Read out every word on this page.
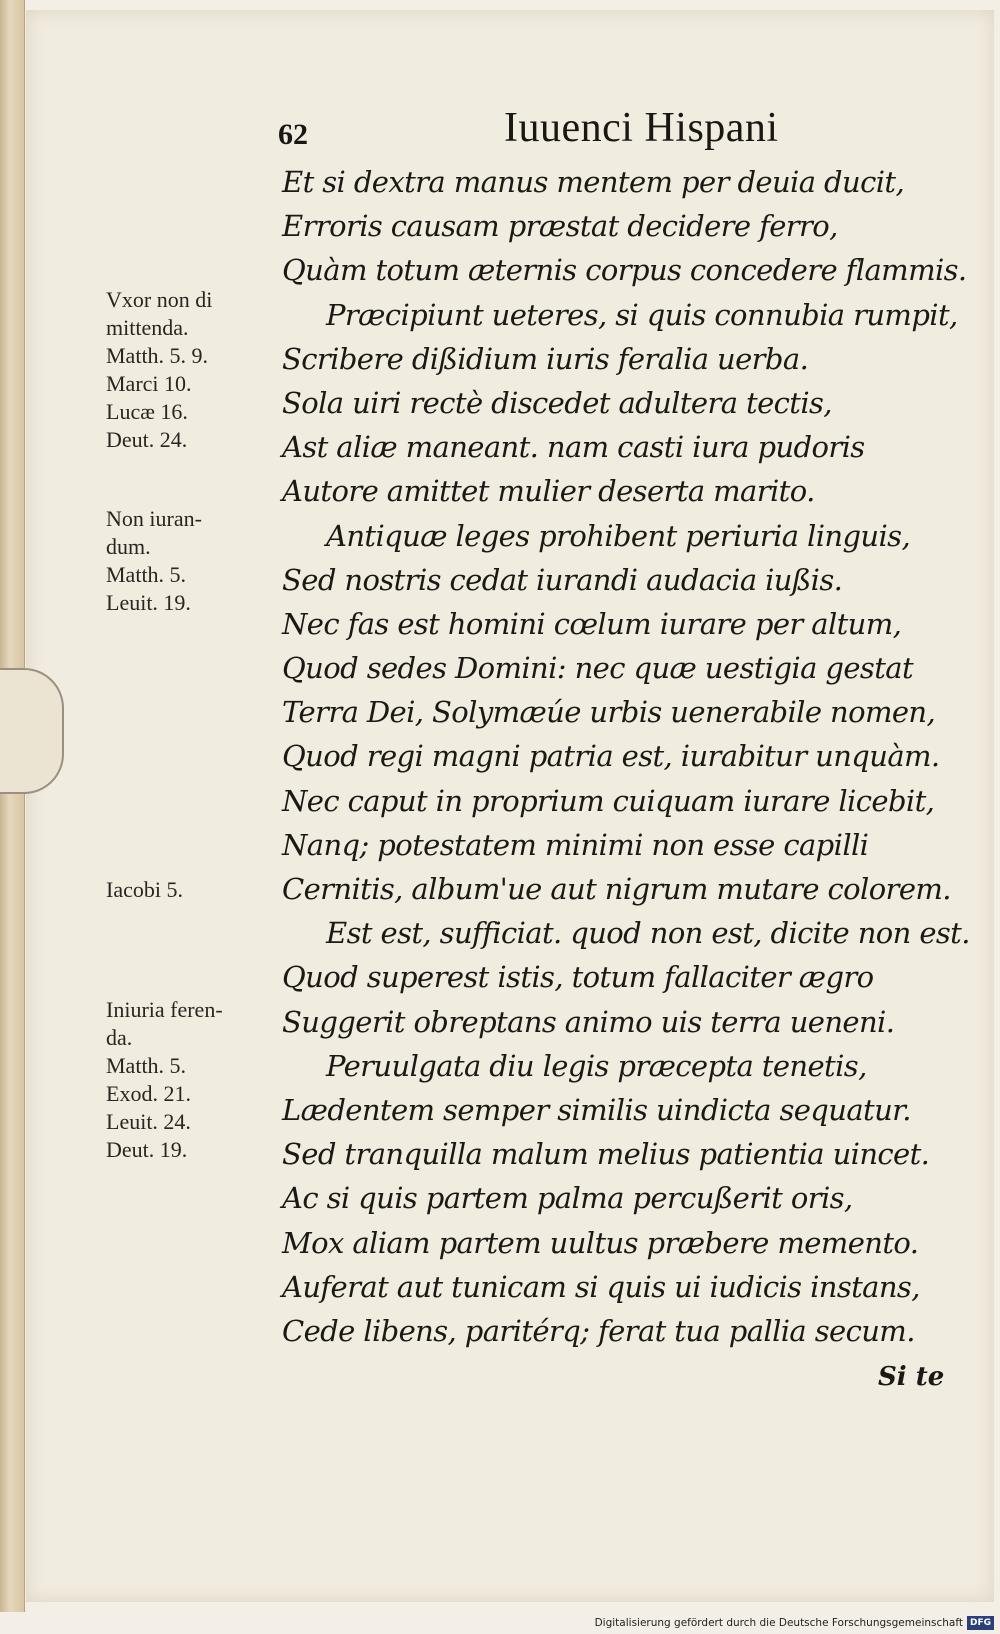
62	Iuuenci Hispani
Et si dextra manus mentem per deuia ducit,
Erroris causam præstat decidere ferro,
Quàm totum æternis corpus concedere flammis.
Præcipiunt ueteres, si quis connubia rumpit,
Scribere dißidium iuris feralia uerba.
Sola uiri rectè discedet adultera tectis,
Ast aliæ maneant. nam casti iura pudoris
Autore amittet mulier deserta marito.
Antiquæ leges prohibent periuria linguis,
Sed nostris cedat iurandi audacia iußis.
Nec fas est homini cœlum iurare per altum,
Quod sedes Domini: nec quæ uestigia gestat
Terra Dei, Solymæúe urbis uenerabile nomen,
Quod regi magni patria est, iurabitur unquàm.
Nec caput in proprium cuiquam iurare licebit,
Nanq; potestatem minimi non esse capilli
Cernitis, album'ue aut nigrum mutare colorem.
Est est, sufficiat. quod non est, dicite non est.
Quod superest istis, totum fallaciter ægro
Suggerit obreptans animo uis terra ueneni.
Peruulgata diu legis præcepta tenetis,
Lædentem semper similis uindicta sequatur.
Sed tranquilla malum melius patientia uincet.
Ac si quis partem palma percußerit oris,
Mox aliam partem uultus præbere memento.
Auferat aut tunicam si quis ui iudicis instans,
Cede libens, paritérq; ferat tua pallia secum.
Si te
Vxor non di
mittenda.
Matth. 5. 9.
Marci 10.
Lucæ 16.
Deut. 24.
Non iuran-
dum.
Matth. 5.
Leuit. 19.
Iacobi 5.
Iniuria feren-
da.
Matth. 5.
Exod. 21.
Leuit. 24.
Deut. 19.
Digitalisierung gefördert durch die Deutsche Forschungsgemeinschaft DFG
